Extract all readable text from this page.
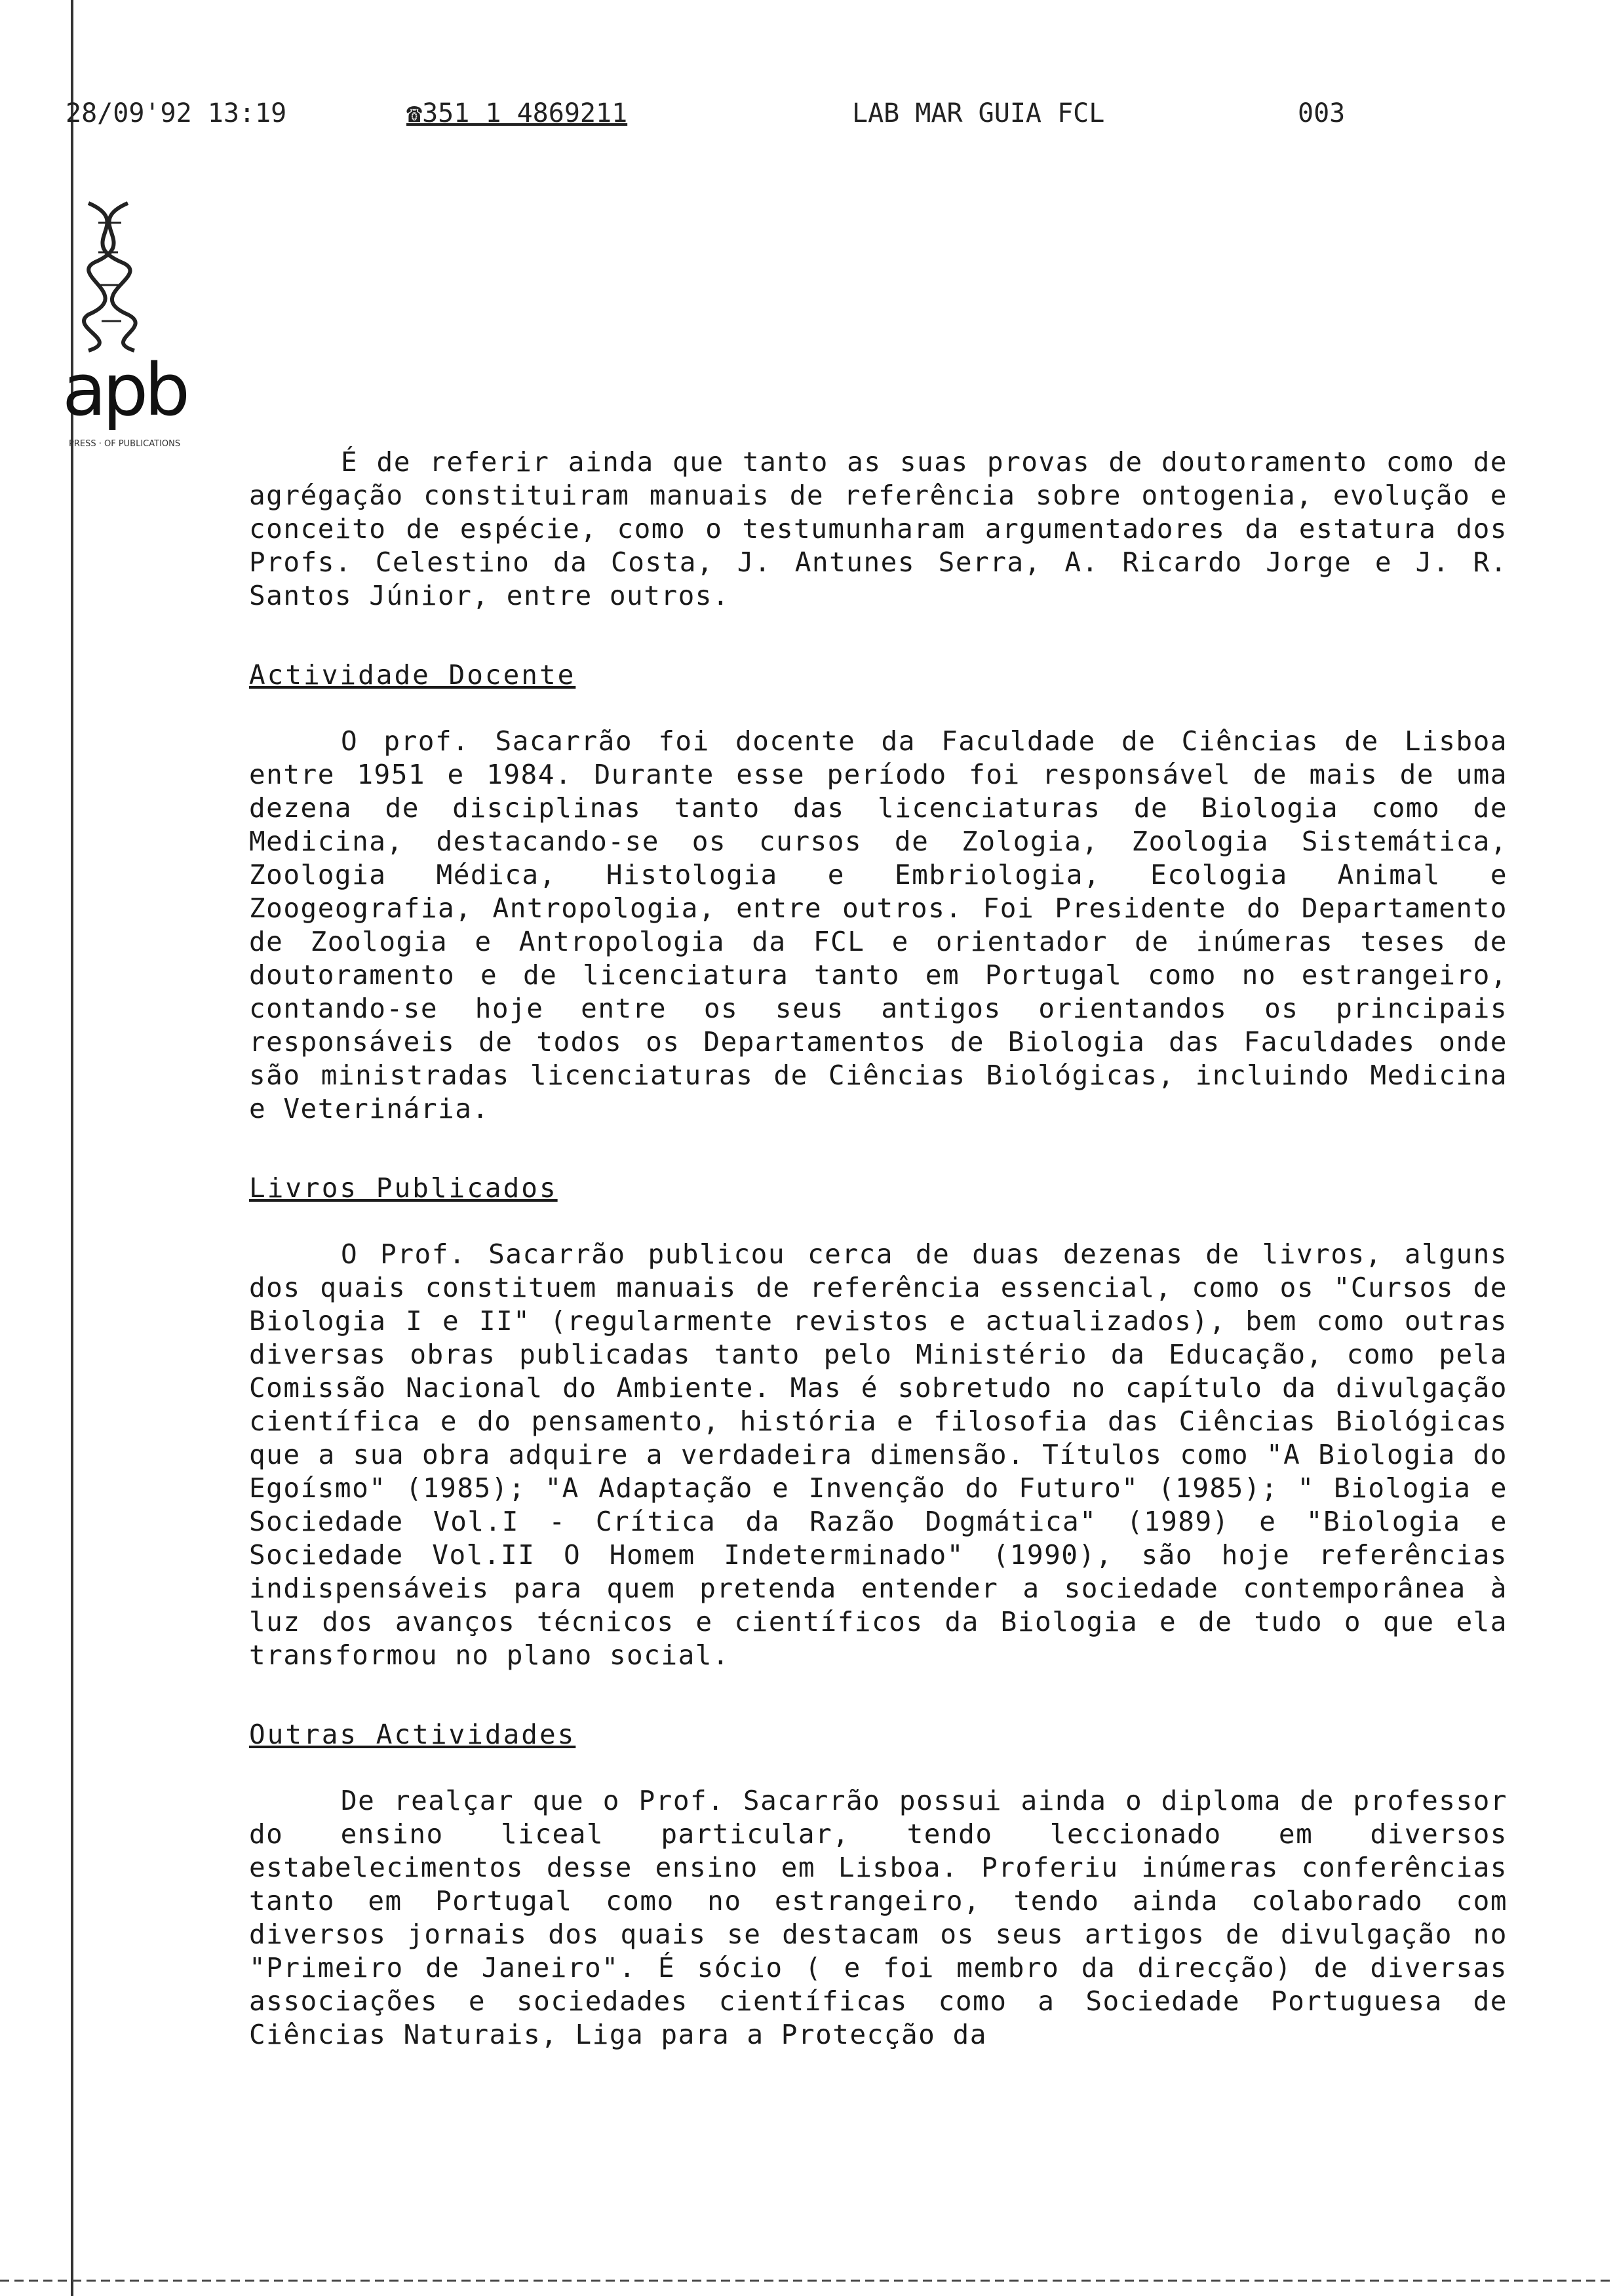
28/09'92 13:19	☎351 1 4869211	LAB MAR GUIA FCL	003
apb
PRESS · OF PUBLICATIONS

É de referir ainda que tanto as suas provas de doutoramento como de agrégação constituiram manuais de referência sobre ontogenia, evolução e conceito de espécie, como o testumunharam argumentadores da estatura dos Profs. Celestino da Costa, J. Antunes Serra, A. Ricardo Jorge e J. R. Santos Júnior, entre outros.

Actividade Docente

O prof. Sacarrão foi docente da Faculdade de Ciências de Lisboa entre 1951 e 1984. Durante esse período foi responsável de mais de uma dezena de disciplinas tanto das licenciaturas de Biologia como de Medicina, destacando-se os cursos de Zologia, Zoologia Sistemática, Zoologia Médica, Histologia e Embriologia, Ecologia Animal e Zoogeografia, Antropologia, entre outros. Foi Presidente do Departamento de Zoologia e Antropologia da FCL e orientador de inúmeras teses de doutoramento e de licenciatura tanto em Portugal como no estrangeiro, contando-se hoje entre os seus antigos orientandos os principais responsáveis de todos os Departamentos de Biologia das Faculdades onde são ministradas licenciaturas de Ciências Biológicas, incluindo Medicina e Veterinária.

Livros Publicados

O Prof. Sacarrão publicou cerca de duas dezenas de livros, alguns dos quais constituem manuais de referência essencial, como os "Cursos de Biologia I e II" (regularmente revistos e actualizados), bem como outras diversas obras publicadas tanto pelo Ministério da Educação, como pela Comissão Nacional do Ambiente. Mas é sobretudo no capítulo da divulgação científica e do pensamento, história e filosofia das Ciências Biológicas que a sua obra adquire a verdadeira dimensão. Títulos como "A Biologia do Egoísmo" (1985); "A Adaptação e Invenção do Futuro" (1985); " Biologia e Sociedade Vol.I - Crítica da Razão Dogmática" (1989) e "Biologia e Sociedade Vol.II O Homem Indeterminado" (1990), são hoje referências indispensáveis para quem pretenda entender a sociedade contemporânea à luz dos avanços técnicos e científicos da Biologia e de tudo o que ela transformou no plano social.

Outras Actividades

De realçar que o Prof. Sacarrão possui ainda o diploma de professor do ensino liceal particular, tendo leccionado em diversos estabelecimentos desse ensino em Lisboa. Proferiu inúmeras conferências tanto em Portugal como no estrangeiro, tendo ainda colaborado com diversos jornais dos quais se destacam os seus artigos de divulgação no "Primeiro de Janeiro". É sócio ( e foi membro da direcção) de diversas associações e sociedades científicas como a Sociedade Portuguesa de Ciências Naturais, Liga para a Protecção da
